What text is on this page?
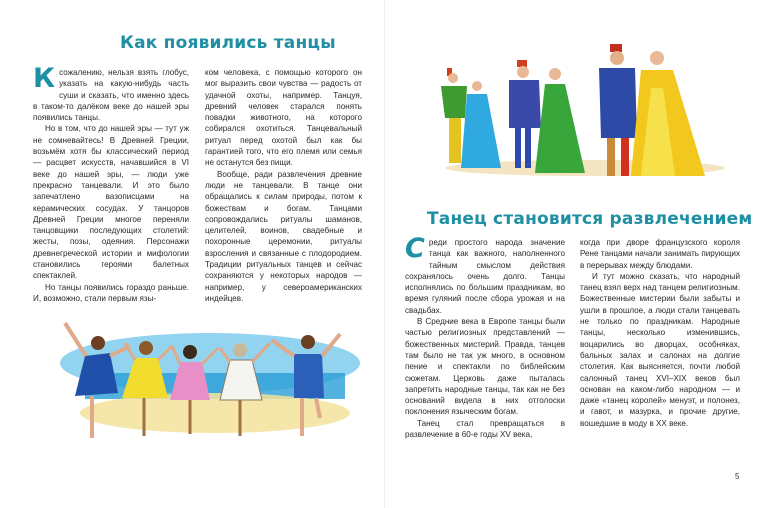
Как появились танцы

К сожалению, нельзя взять глобус, указать на какую-нибудь часть суши и сказать, что именно здесь в таком-то далёком веке до нашей эры появились танцы.

Но в том, что до нашей эры — тут уж не сомневайтесь! В Древней Греции, возьмём хотя бы классический период — расцвет искусств, начавшийся в VI веке до нашей эры, — люди уже прекрасно танцевали. И это было запечатлено вазописцами на керамических сосудах. У танцоров Древней Греции многое переняли танцовщики последующих столетий: жесты, позы, одеяния. Персонажи древнегреческой истории и мифологии становились героями балетных спектаклей.

Но танцы появились гораздо раньше. И, возможно, стали первым язы-

ком человека, с помощью которого он мог выразить свои чувства — радость от удачной охоты, например. Танцуя, древний человек старался понять повадки животного, на которого собирался охотиться. Танцевальный ритуал перед охотой был как бы гарантией того, что его племя или семья не останутся без пищи.

Вообще, ради развлечения древние люди не танцевали. В танце они обращались к силам природы, потом к божествам и богам. Танцами сопровождались ритуалы шаманов, целителей, воинов, свадебные и похоронные церемонии, ритуалы взросления и связанные с плодородием. Традиции ритуальных танцев и сейчас сохраняются у некоторых народов — например, у североамериканских индейцев.

Танец становится развлечением

Среди простого народа значение танца как важного, наполненного тайным смыслом действия сохранялось очень долго. Танцы исполнялись по большим праздникам, во время гуляний после сбора урожая и на свадьбах.

В Средние века в Европе танцы были частью религиозных представлений — божественных мистерий. Правда, танцев там было не так уж много, в основном пение и спектакли по библейским сюжетам. Церковь даже пыталась запретить народные танцы, так как не без оснований видела в них отголоски поклонения языческим богам.

Танец стал превращаться в развлечение в 60-е годы XV века,

когда при дворе французского короля Рене танцами начали занимать пирующих в перерывах между блюдами.

И тут можно сказать, что народный танец взял верх над танцем религиозным. Божественные мистерии были забыты и ушли в прошлое, а люди стали танцевать не только по праздникам. Народные танцы, несколько изменившись, воцарились во дворцах, особняках, бальных залах и салонах на долгие столетия. Как выясняется, почти любой салонный танец XVI–XIX веков был основан на каком-либо народном — и даже «танец королей» менуэт, и полонез, и гавот, и мазурка, и прочие другие, вошедшие в моду в XX веке.

5
